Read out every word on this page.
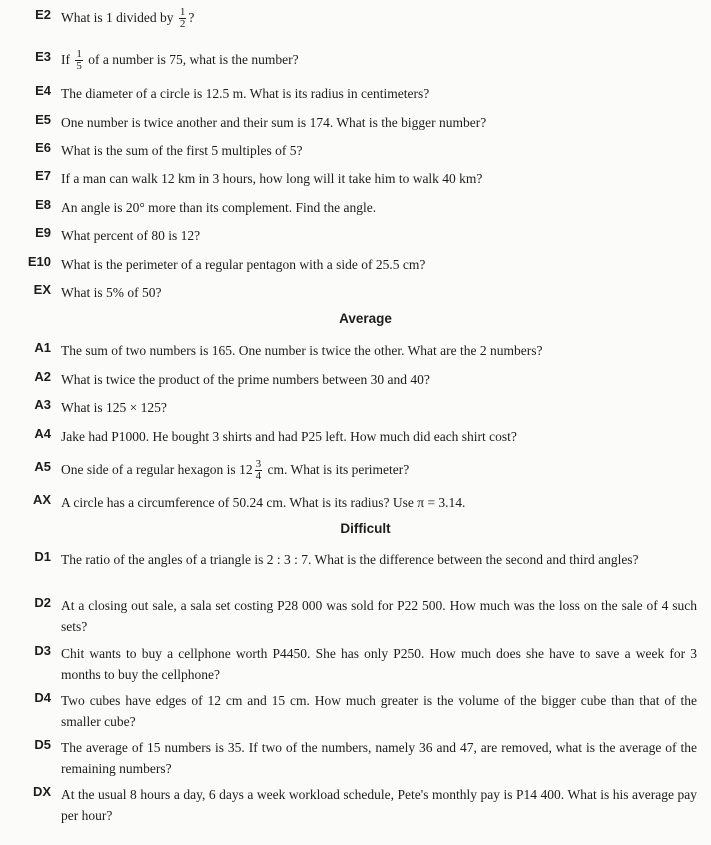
E2 What is 1 divided by $\frac{1}{2}$ ?
E3 If $\frac{1}{5}$ of a number is 75, what is the number?
E4 The diameter of a circle is 12.5 m. What is its radius in centimeters?
E5 One number is twice another and their sum is 174. What is the bigger number?
E6 What is the sum of the first 5 multiples of 5?
E7 If a man can walk 12 km in 3 hours, how long will it take him to walk 40 km?
E8 An angle is 20° more than its complement. Find the angle.
E9 What percent of 80 is 12?
E10 What is the perimeter of a regular pentagon with a side of 25.5 cm?
EX What is 5% of 50?
Average
A1 The sum of two numbers is 165. One number is twice the other. What are the 2 numbers?
A2 What is twice the product of the prime numbers between 30 and 40?
A3 What is 125 × 125?
A4 Jake had P1000. He bought 3 shirts and had P25 left. How much did each shirt cost?
A5 One side of a regular hexagon is $12 \frac{3}{4}$ cm. What is its perimeter?
AX A circle has a circumference of 50.24 cm. What is its radius? Use π = 3.14.
Difficult
D1 The ratio of the angles of a triangle is 2 : 3 : 7. What is the difference between the second and third angles?
D2 At a closing out sale, a sala set costing P28 000 was sold for P22 500. How much was the loss on the sale of 4 such sets?
D3 Chit wants to buy a cellphone worth P4450. She has only P250. How much does she have to save a week for 3 months to buy the cellphone?
D4 Two cubes have edges of 12 cm and 15 cm. How much greater is the volume of the bigger cube than that of the smaller cube?
D5 The average of 15 numbers is 35. If two of the numbers, namely 36 and 47, are removed, what is the average of the remaining numbers?
DX At the usual 8 hours a day, 6 days a week workload schedule, Pete's monthly pay is P14 400. What is his average pay per hour?
